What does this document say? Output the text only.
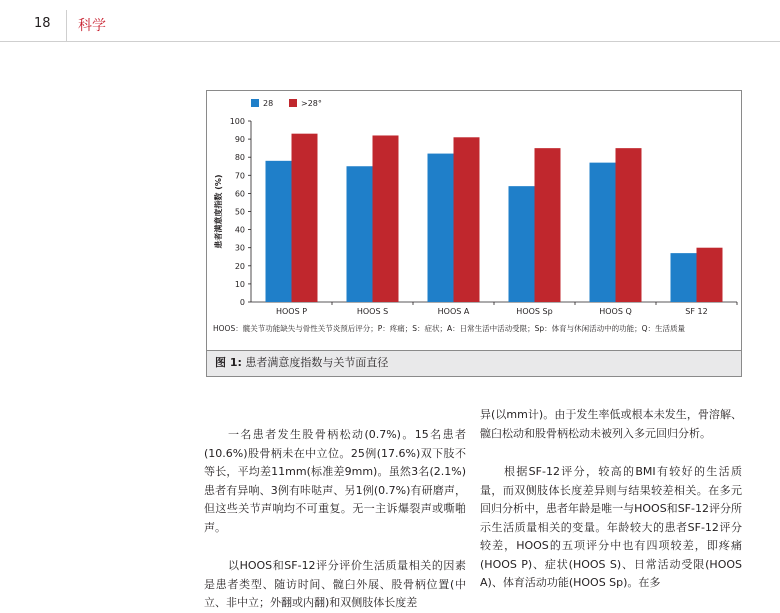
18 科学
28	>28°
0
10
20
30
40
50
60
70
80
90
100
患者满意度指数 (%)
HOOS P	HOOS S	HOOS A	HOOS Sp	HOOS Q	SF 12
HOOS：髋关节功能缺失与骨性关节炎预后评分；P：疼痛；S：症状；A：日常生活中活动受限；Sp：体育与休闲活动中的功能；Q：生活质量
图 1: 患者满意度指数与关节面直径

一名患者发生股骨柄松动(0.7%)。15名患者(10.6%)股骨柄未在中立位。25例(17.6%)双下肢不等长，平均差11mm(标准差9mm)。虽然3名(2.1%)患者有异响、3例有咔哒声、另1例(0.7%)有研磨声，但这些关节声响均不可重复。无一主诉爆裂声或嘶啪声。

以HOOS和SF-12评分评价生活质量相关的因素是患者类型、随访时间、髋臼外展、股骨柄位置(中立、非中立；外翻或内翻)和双侧肢体长度差

异(以mm计)。由于发生率低或根本未发生，骨溶解、髋臼松动和股骨柄松动未被列入多元回归分析。

根据SF-12评分，较高的BMI有较好的生活质量，而双侧肢体长度差异则与结果较差相关。在多元回归分析中，患者年龄是唯一与HOOS和SF-12评分所示生活质量相关的变量。年龄较大的患者SF-12评分较差，HOOS的五项评分中也有四项较差，即疼痛(HOOS P)、症状(HOOS S)、日常活动受限(HOOS A)、体育活动功能(HOOS Sp)。在多
